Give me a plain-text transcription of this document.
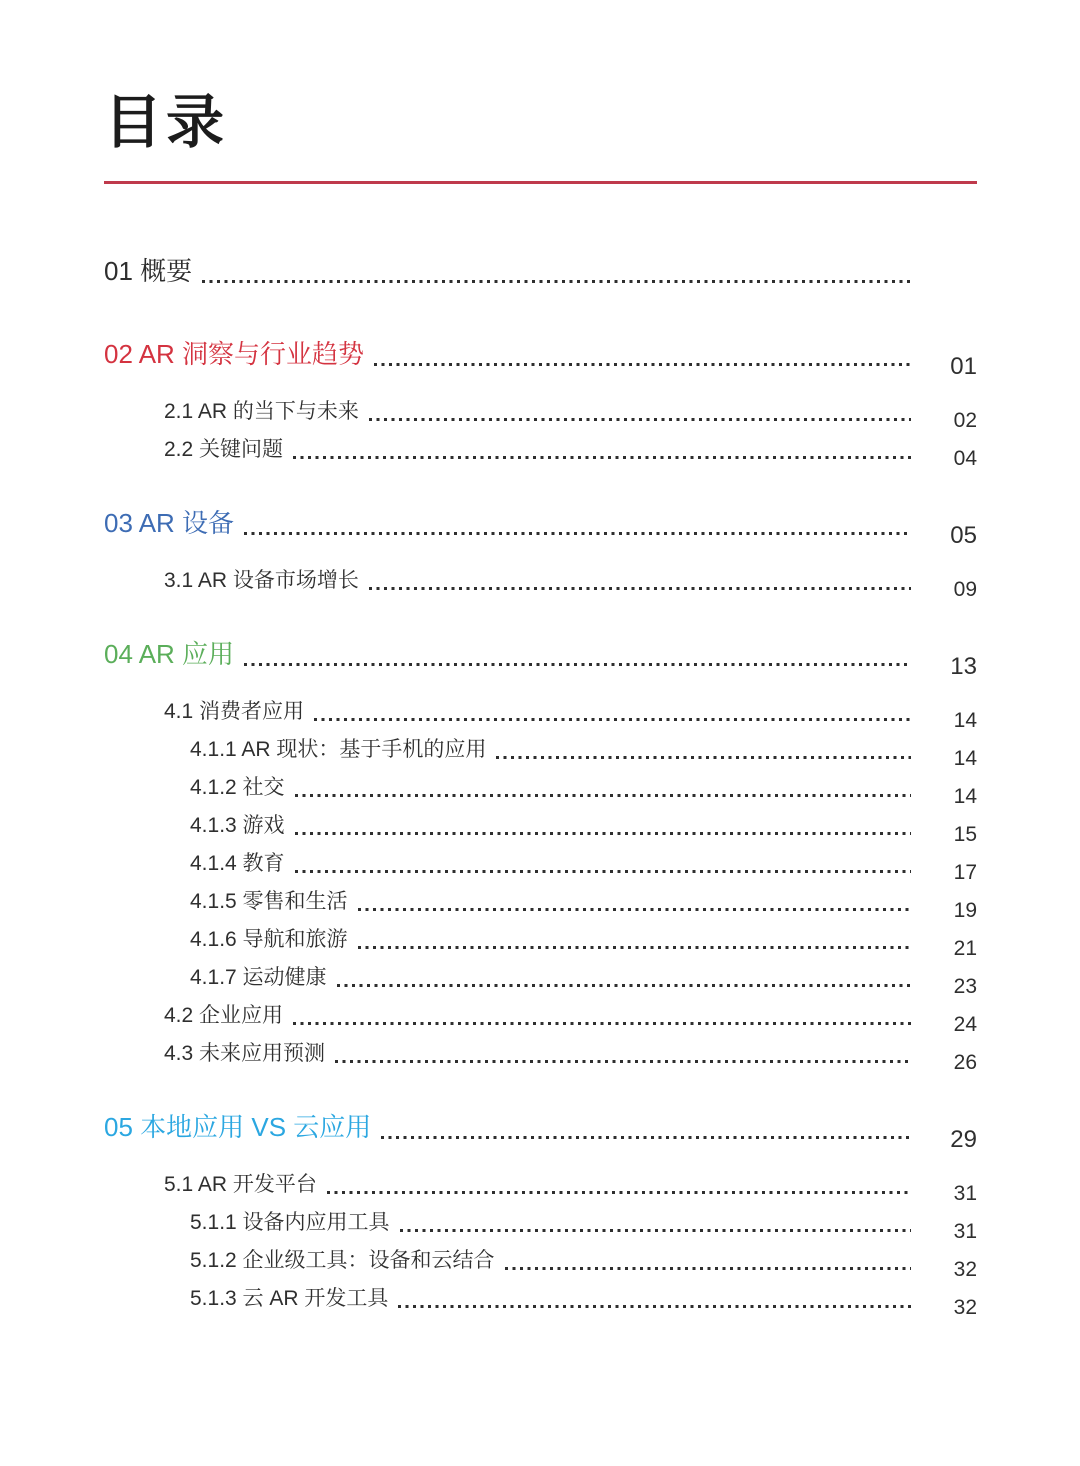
目录
01 概要
02 AR 洞察与行业趋势	01
2.1 AR 的当下与未来	02
2.2 关键问题	04
03 AR 设备	05
3.1 AR 设备市场增长	09
04 AR 应用	13
4.1 消费者应用	14
4.1.1 AR 现状：基于手机的应用	14
4.1.2 社交	14
4.1.3 游戏	15
4.1.4 教育	17
4.1.5 零售和生活	19
4.1.6 导航和旅游	21
4.1.7 运动健康	23
4.2 企业应用	24
4.3 未来应用预测	26
05 本地应用 VS 云应用	29
5.1 AR 开发平台	31
5.1.1 设备内应用工具	31
5.1.2 企业级工具：设备和云结合	32
5.1.3 云 AR 开发工具	32
